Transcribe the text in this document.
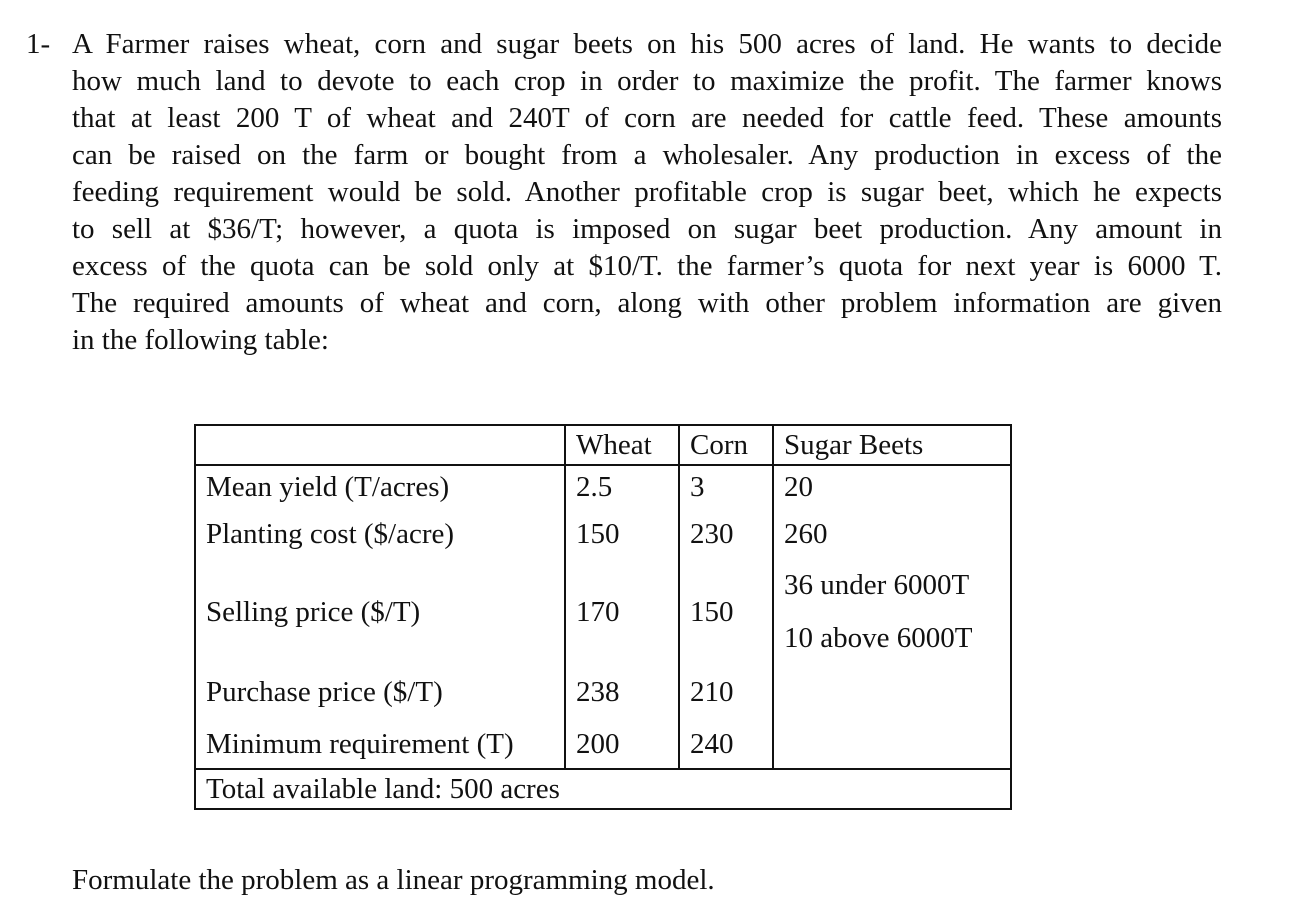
1- A Farmer raises wheat, corn and sugar beets on his 500 acres of land. He wants to decide
how much land to devote to each crop in order to maximize the profit. The farmer knows
that at least 200 T of wheat and 240T of corn are needed for cattle feed. These amounts
can be raised on the farm or bought from a wholesaler. Any production in excess of the
feeding requirement would be sold. Another profitable crop is sugar beet, which he expects
to sell at $36/T; however, a quota is imposed on sugar beet production. Any amount in
excess of the quota can be sold only at $10/T. the farmer’s quota for next year is 6000 T.
The required amounts of wheat and corn, along with other problem information are given
in the following table:
	Wheat	Corn	Sugar Beets
Mean yield (T/acres)	2.5	3	20
Planting cost ($/acre)	150	230	260
Selling price ($/T)	170	150	36 under 6000T
10 above 6000T

Purchase price ($/T)	238	210	
Minimum requirement (T)	200	240	
Total available land: 500 acres			
Formulate the problem as a linear programming model.
